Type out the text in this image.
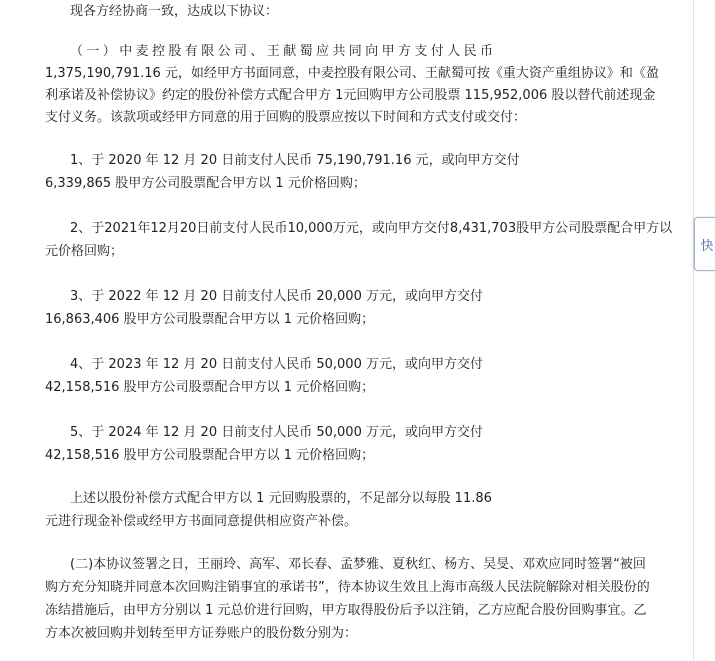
现各方经协商一致，达成以下协议：
（一）中麦控股有限公司、王献蜀应共同向甲方支付人民币
1,375,190,791.16 元，如经甲方书面同意，中麦控股有限公司、王献蜀可按《重大资产重组协议》和《盈
利承诺及补偿协议》约定的股份补偿方式配合甲方 1元回购甲方公司股票 115,952,006 股以替代前述现金
支付义务。该款项或经甲方同意的用于回购的股票应按以下时间和方式支付或交付：
1、于 2020 年 12 月 20 日前支付人民币 75,190,791.16 元，或向甲方交付
6,339,865 股甲方公司股票配合甲方以 1 元价格回购；
2、于2021年12月20日前支付人民币10,000万元，或向甲方交付8,431,703股甲方公司股票配合甲方以
元价格回购；
3、于 2022 年 12 月 20 日前支付人民币 20,000 万元，或向甲方交付
16,863,406 股甲方公司股票配合甲方以 1 元价格回购；
4、于 2023 年 12 月 20 日前支付人民币 50,000 万元，或向甲方交付
42,158,516 股甲方公司股票配合甲方以 1 元价格回购；
5、于 2024 年 12 月 20 日前支付人民币 50,000 万元，或向甲方交付
42,158,516 股甲方公司股票配合甲方以 1 元价格回购；
上述以股份补偿方式配合甲方以 1 元回购股票的，不足部分以每股 11.86
元进行现金补偿或经甲方书面同意提供相应资产补偿。
(二)本协议签署之日，王丽玲、高军、邓长春、孟梦雅、夏秋红、杨方、吴旻、邓欢应同时签署“被回
购方充分知晓并同意本次回购注销事宜的承诺书”，待本协议生效且上海市高级人民法院解除对相关股份的
冻结措施后，由甲方分别以 1 元总价进行回购，甲方取得股份后予以注销，乙方应配合股份回购事宜。乙
方本次被回购并划转至甲方证券账户的股份数分别为：
快
